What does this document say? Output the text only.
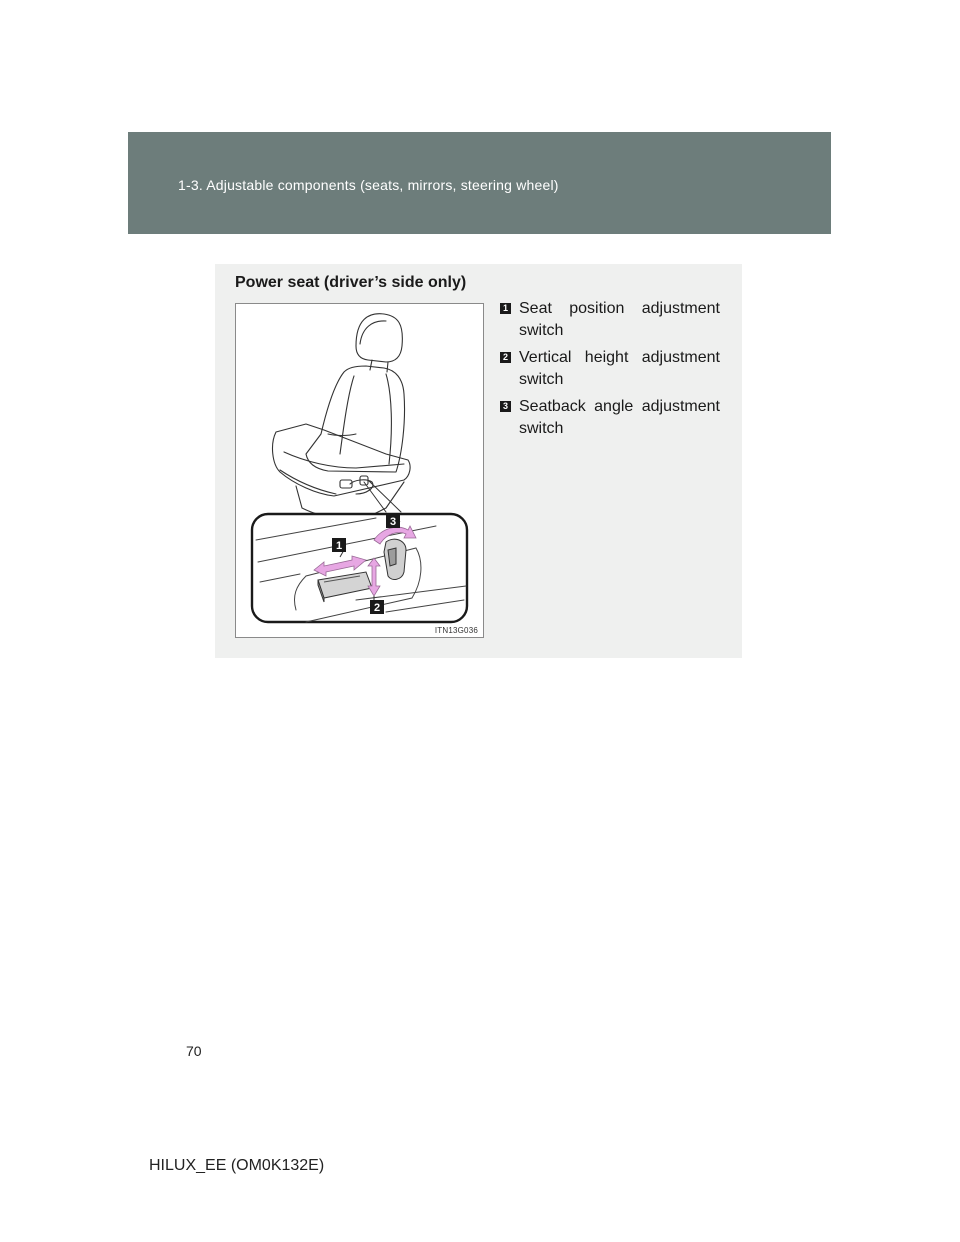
1-3. Adjustable components (seats, mirrors, steering wheel)
Power seat (driver’s side only)
1
2
3
ITN13G036
1 Seat position adjustment switch
2 Vertical height adjustment switch
3 Seatback angle adjustment switch
70
HILUX_EE (OM0K132E)
